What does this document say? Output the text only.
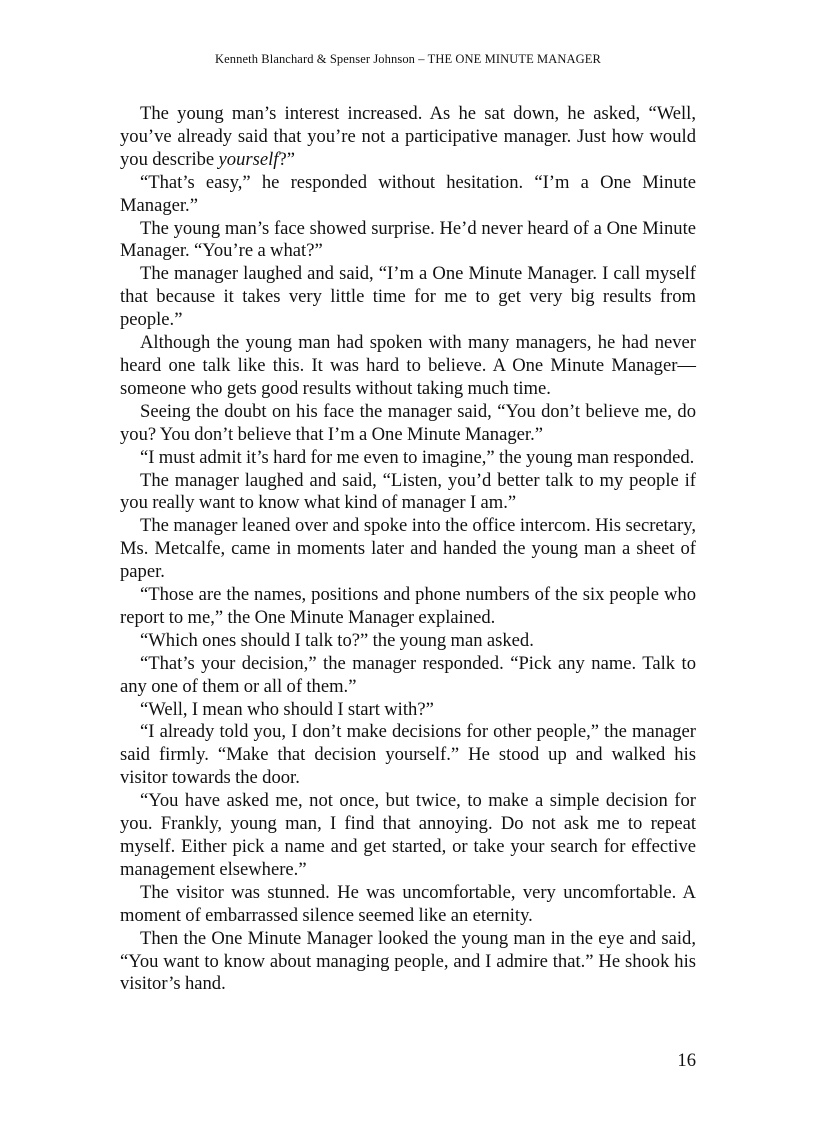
Kenneth Blanchard & Spenser Johnson – THE ONE MINUTE MANAGER

The young man’s interest increased. As he sat down, he asked, “Well, you’ve already said that you’re not a participative manager. Just how would you describe yourself?”

“That’s easy,” he responded without hesitation. “I’m a One Minute Manager.”

The young man’s face showed surprise. He’d never heard of a One Minute Manager. “You’re a what?”

The manager laughed and said, “I’m a One Minute Manager. I call myself that because it takes very little time for me to get very big results from people.”

Although the young man had spoken with many managers, he had never heard one talk like this. It was hard to believe. A One Minute Manager—someone who gets good results without taking much time.

Seeing the doubt on his face the manager said, “You don’t believe me, do you? You don’t believe that I’m a One Minute Manager.”

“I must admit it’s hard for me even to imagine,” the young man responded.

The manager laughed and said, “Listen, you’d better talk to my people if you really want to know what kind of manager I am.”

The manager leaned over and spoke into the office intercom. His secretary, Ms. Metcalfe, came in moments later and handed the young man a sheet of paper.

“Those are the names, positions and phone numbers of the six people who report to me,” the One Minute Manager explained.

“Which ones should I talk to?” the young man asked.

“That’s your decision,” the manager responded. “Pick any name. Talk to any one of them or all of them.”

“Well, I mean who should I start with?”

“I already told you, I don’t make decisions for other people,” the manager said firmly. “Make that decision yourself.” He stood up and walked his visitor towards the door.

“You have asked me, not once, but twice, to make a simple decision for you. Frankly, young man, I find that annoying. Do not ask me to repeat myself. Either pick a name and get started, or take your search for effective management elsewhere.”

The visitor was stunned. He was uncomfortable, very uncomfortable. A moment of embarrassed silence seemed like an eternity.

Then the One Minute Manager looked the young man in the eye and said, “You want to know about managing people, and I admire that.” He shook his visitor’s hand.

16
